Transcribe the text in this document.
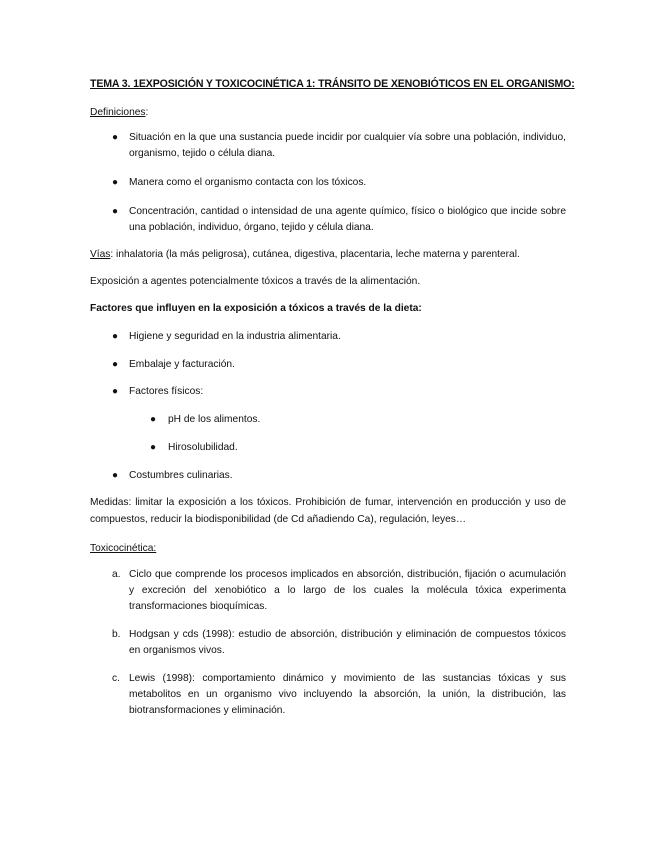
TEMA 3. 1EXPOSICIÓN Y TOXICOCINÉTICA 1: TRÁNSITO DE XENOBIÓTICOS EN EL ORGANISMO:
Definiciones:
● Situación en la que una sustancia puede incidir por cualquier vía sobre una población, individuo, organismo, tejido o célula diana.
● Manera como el organismo contacta con los tóxicos.
● Concentración, cantidad o intensidad de una agente químico, físico o biológico que incide sobre una población, individuo, órgano, tejido y célula diana.
Vías: inhalatoria (la más peligrosa), cutánea, digestiva, placentaria, leche materna y parenteral.
Exposición a agentes potencialmente tóxicos a través de la alimentación.
Factores que influyen en la exposición a tóxicos a través de la dieta:
● Higiene y seguridad en la industria alimentaria.
● Embalaje y facturación.
● Factores físicos:
● pH de los alimentos.
● Hirosolubilidad.
● Costumbres culinarias.
Medidas: limitar la exposición a los tóxicos. Prohibición de fumar, intervención en producción y uso de compuestos, reducir la biodisponibilidad (de Cd añadiendo Ca), regulación, leyes…
Toxicocinética:
a. Ciclo que comprende los procesos implicados en absorción, distribución, fijación o acumulación y excreción del xenobiótico a lo largo de los cuales la molécula tóxica experimenta transformaciones bioquímicas.
b. Hodgsan y cds (1998): estudio de absorción, distribución y eliminación de compuestos tóxicos en organismos vivos.
c. Lewis (1998): comportamiento dinámico y movimiento de las sustancias tóxicas y sus metabolitos en un organismo vivo incluyendo la absorción, la unión, la distribución, las biotransformaciones y eliminación.
